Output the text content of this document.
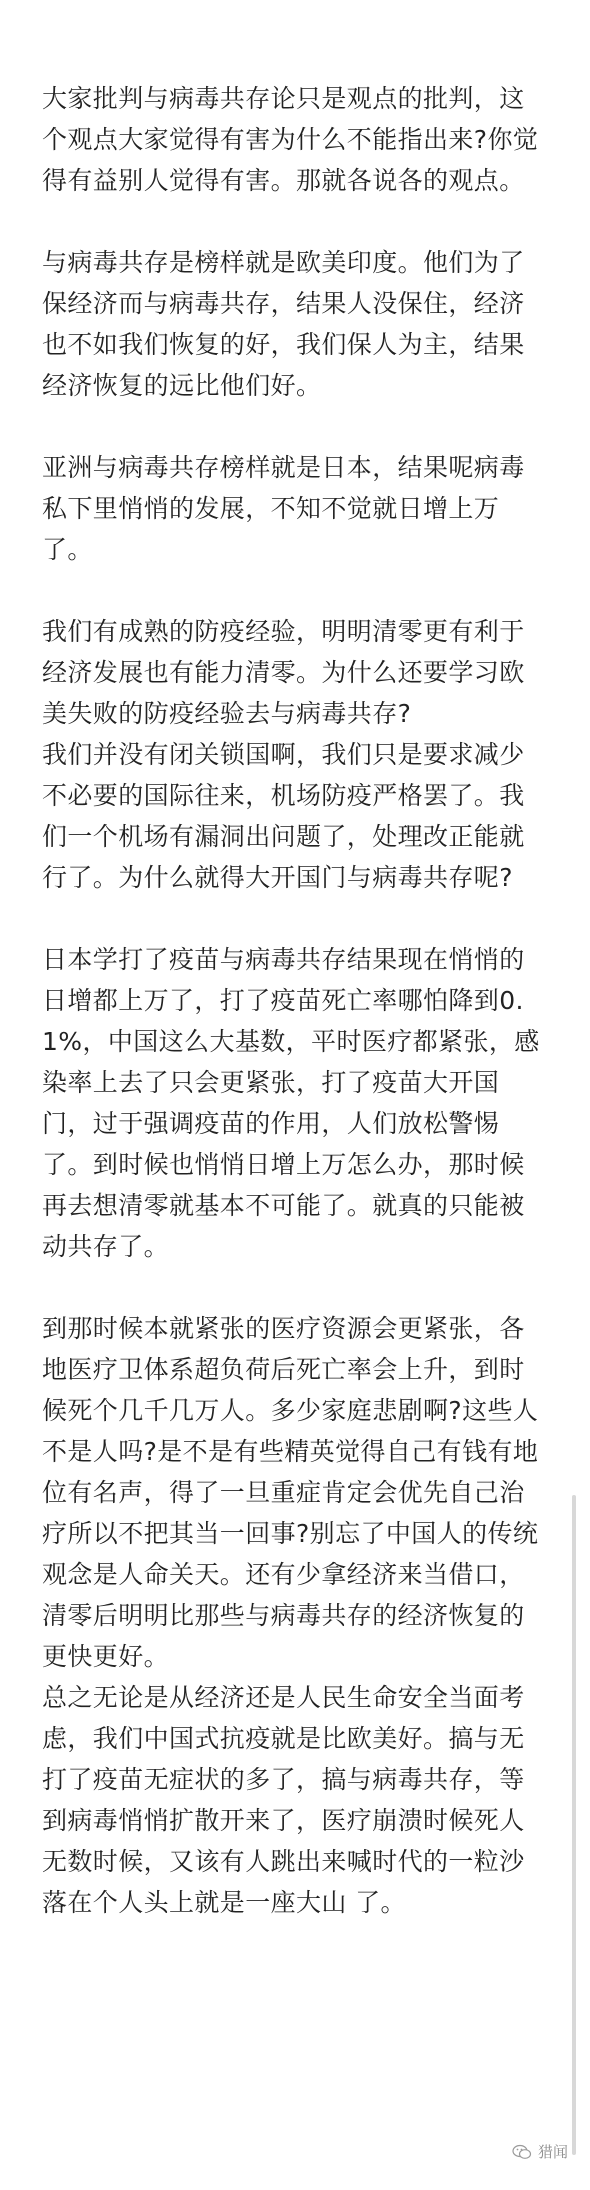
大家批判与病毒共存论只是观点的批判，这个观点大家觉得有害为什么不能指出来?你觉得有益别人觉得有害。那就各说各的观点。

与病毒共存是榜样就是欧美印度。他们为了保经济而与病毒共存，结果人没保住，经济也不如我们恢复的好，我们保人为主，结果经济恢复的远比他们好。

亚洲与病毒共存榜样就是日本，结果呢病毒私下里悄悄的发展，不知不觉就日增上万了。

我们有成熟的防疫经验，明明清零更有利于经济发展也有能力清零。为什么还要学习欧美失败的防疫经验去与病毒共存?

我们并没有闭关锁国啊，我们只是要求减少不必要的国际往来，机场防疫严格罢了。我们一个机场有漏洞出问题了，处理改正能就行了。为什么就得大开国门与病毒共存呢?

日本学打了疫苗与病毒共存结果现在悄悄的日增都上万了，打了疫苗死亡率哪怕降到0.1%，中国这么大基数，平时医疗都紧张，感染率上去了只会更紧张，打了疫苗大开国门，过于强调疫苗的作用，人们放松警惕了。到时候也悄悄日增上万怎么办，那时候再去想清零就基本不可能了。就真的只能被动共存了。

到那时候本就紧张的医疗资源会更紧张，各地医疗卫体系超负荷后死亡率会上升，到时候死个几千几万人。多少家庭悲剧啊?这些人不是人吗?是不是有些精英觉得自己有钱有地位有名声，得了一旦重症肯定会优先自己治疗所以不把其当一回事?别忘了中国人的传统观念是人命关天。还有少拿经济来当借口，清零后明明比那些与病毒共存的经济恢复的更快更好。

总之无论是从经济还是人民生命安全当面考虑，我们中国式抗疫就是比欧美好。搞与无打了疫苗无症状的多了，搞与病毒共存，等到病毒悄悄扩散开来了，医疗崩溃时候死人无数时候，又该有人跳出来喊时代的一粒沙落在个人头上就是一座大山 了。

猎闻
